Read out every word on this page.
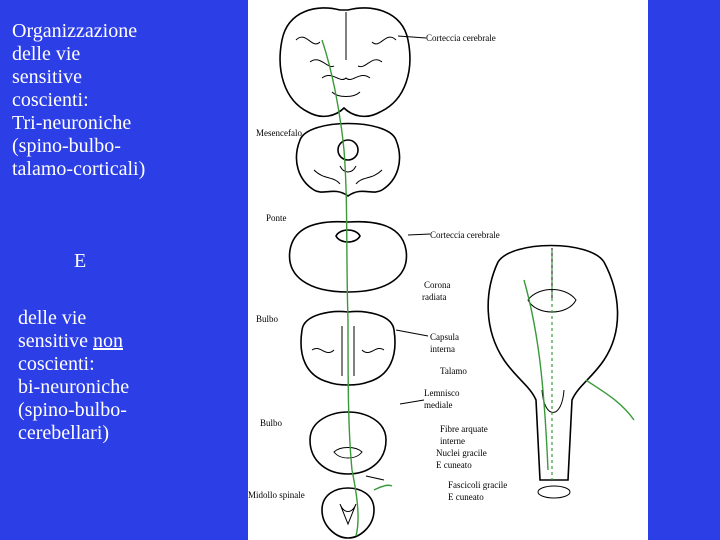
Organizzazione
delle vie
sensitive
coscienti:
Tri-neuroniche
(spino-bulbo-
talamo-corticali)
E
delle vie
sensitive non
coscienti:
bi-neuroniche
(spino-bulbo-
cerebellari)
Corteccia cerebrale
Mesencefalo
Ponte
Corteccia cerebrale
Corona
radiata
Bulbo
Capsula
interna
Talamo
Lemnisco
mediale
Bulbo
Fibre arquate
interne
Nuclei gracile
E cuneato
Midollo spinale
Fascicoli gracile
E cuneato
